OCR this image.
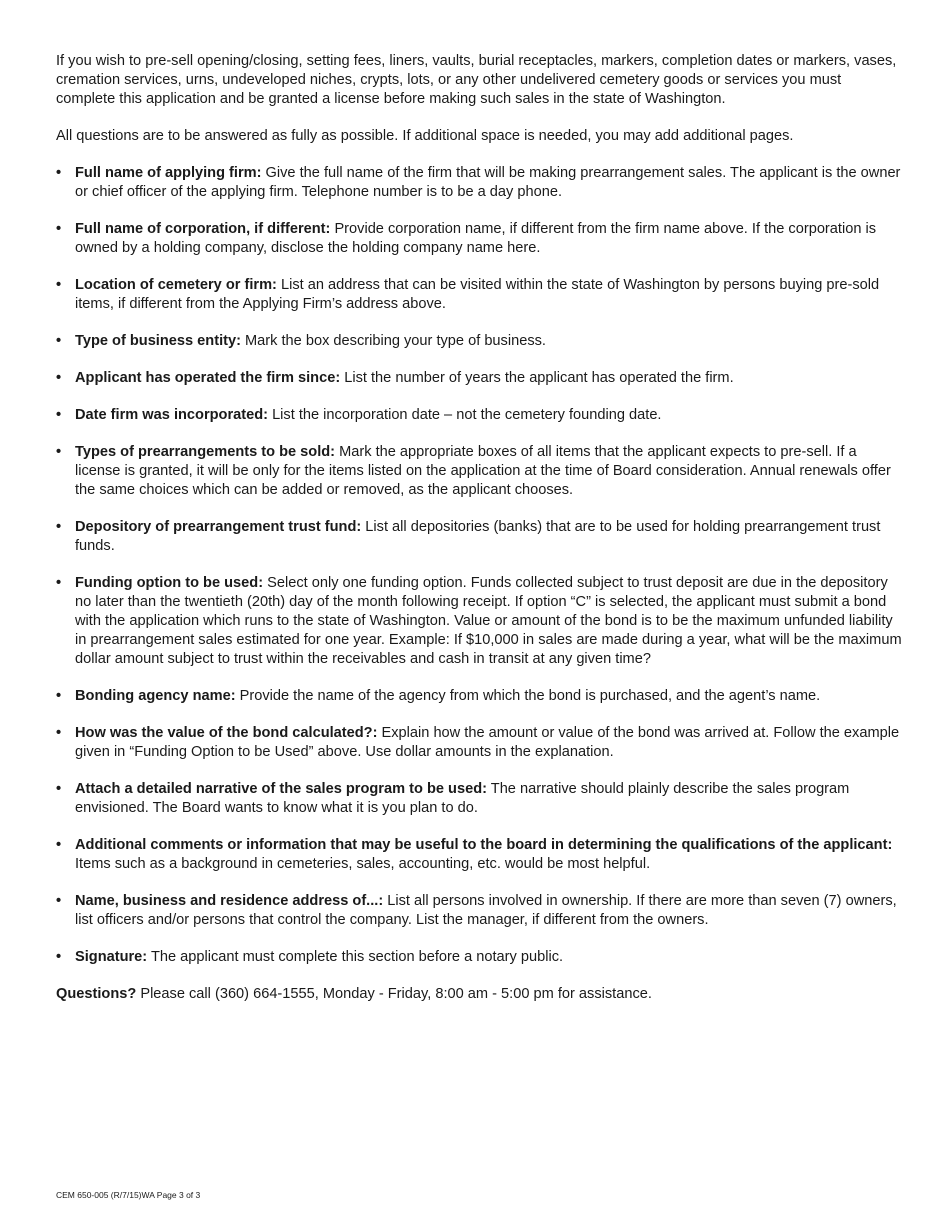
If you wish to pre-sell opening/closing, setting fees, liners, vaults, burial receptacles, markers, completion dates or markers, vases, cremation services, urns, undeveloped niches, crypts, lots, or any other undelivered cemetery goods or services you must complete this application and be granted a license before making such sales in the state of Washington.

All questions are to be answered as fully as possible. If additional space is needed, you may add additional pages.

• Full name of applying firm: Give the full name of the firm that will be making prearrangement sales. The applicant is the owner or chief officer of the applying firm. Telephone number is to be a day phone.
• Full name of corporation, if different: Provide corporation name, if different from the firm name above. If the corporation is owned by a holding company, disclose the holding company name here.
• Location of cemetery or firm: List an address that can be visited within the state of Washington by persons buying pre-sold items, if different from the Applying Firm’s address above.
• Type of business entity: Mark the box describing your type of business.
• Applicant has operated the firm since: List the number of years the applicant has operated the firm.
• Date firm was incorporated: List the incorporation date – not the cemetery founding date.
• Types of prearrangements to be sold: Mark the appropriate boxes of all items that the applicant expects to pre-sell. If a license is granted, it will be only for the items listed on the application at the time of Board consideration. Annual renewals offer the same choices which can be added or removed, as the applicant chooses.
• Depository of prearrangement trust fund: List all depositories (banks) that are to be used for holding prearrangement trust funds.
• Funding option to be used: Select only one funding option. Funds collected subject to trust deposit are due in the depository no later than the twentieth (20th) day of the month following receipt. If option “C” is selected, the applicant must submit a bond with the application which runs to the state of Washington. Value or amount of the bond is to be the maximum unfunded liability in prearrangement sales estimated for one year. Example: If $10,000 in sales are made during a year, what will be the maximum dollar amount subject to trust within the receivables and cash in transit at any given time?
• Bonding agency name: Provide the name of the agency from which the bond is purchased, and the agent’s name.
• How was the value of the bond calculated?: Explain how the amount or value of the bond was arrived at. Follow the example given in “Funding Option to be Used” above. Use dollar amounts in the explanation.
• Attach a detailed narrative of the sales program to be used: The narrative should plainly describe the sales program envisioned. The Board wants to know what it is you plan to do.
• Additional comments or information that may be useful to the board in determining the qualifications of the applicant: Items such as a background in cemeteries, sales, accounting, etc. would be most helpful.
• Name, business and residence address of...: List all persons involved in ownership. If there are more than seven (7) owners, list officers and/or persons that control the company. List the manager, if different from the owners.
• Signature: The applicant must complete this section before a notary public.

Questions? Please call (360) 664-1555, Monday - Friday, 8:00 am - 5:00 pm for assistance.

CEM 650-005 (R/7/15)WA Page 3 of 3
